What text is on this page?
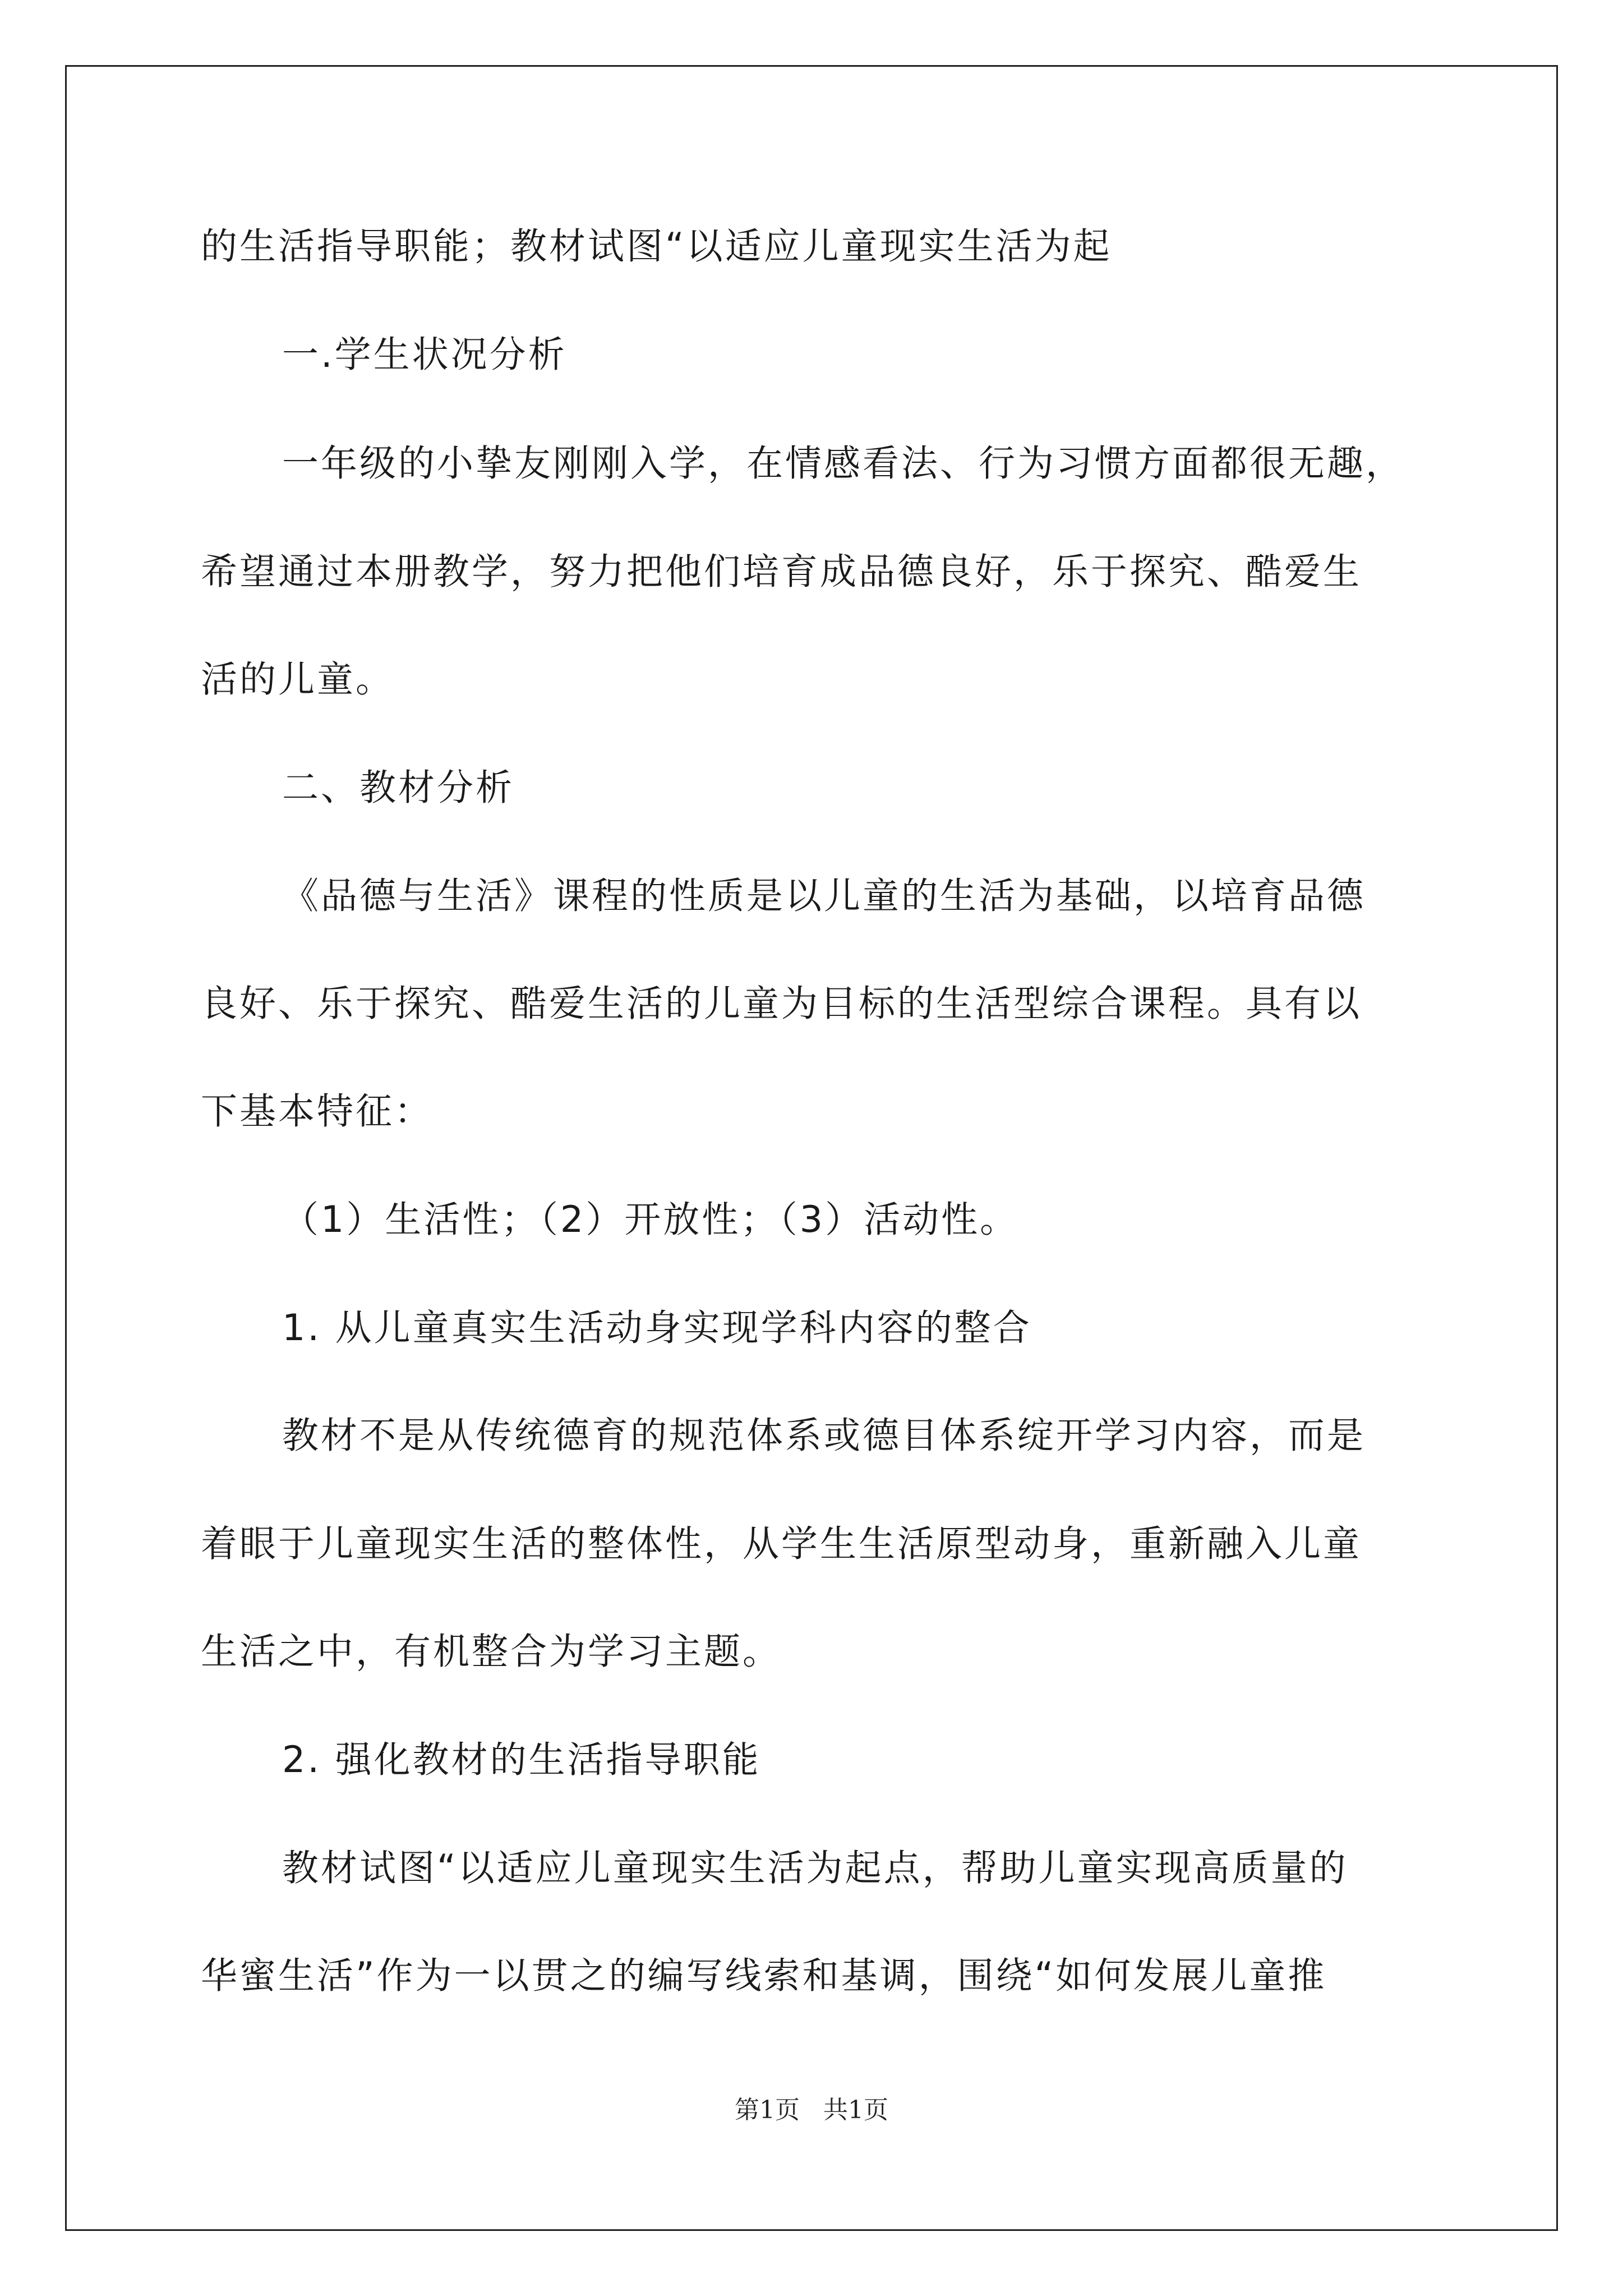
的生活指导职能；教材试图“以适应儿童现实生活为起
一.学生状况分析
一年级的小挚友刚刚入学，在情感看法、行为习惯方面都很无趣，
希望通过本册教学，努力把他们培育成品德良好，乐于探究、酷爱生
活的儿童。
二、教材分析
《品德与生活》课程的性质是以儿童的生活为基础，以培育品德
良好、乐于探究、酷爱生活的儿童为目标的生活型综合课程。具有以
下基本特征：
（1）生活性；（2）开放性；（3）活动性。
1. 从儿童真实生活动身实现学科内容的整合
教材不是从传统德育的规范体系或德目体系绽开学习内容，而是
着眼于儿童现实生活的整体性，从学生生活原型动身，重新融入儿童
生活之中，有机整合为学习主题。
2. 强化教材的生活指导职能
教材试图“以适应儿童现实生活为起点，帮助儿童实现高质量的
华蜜生活”作为一以贯之的编写线索和基调，围绕“如何发展儿童推
第1页 共1页
